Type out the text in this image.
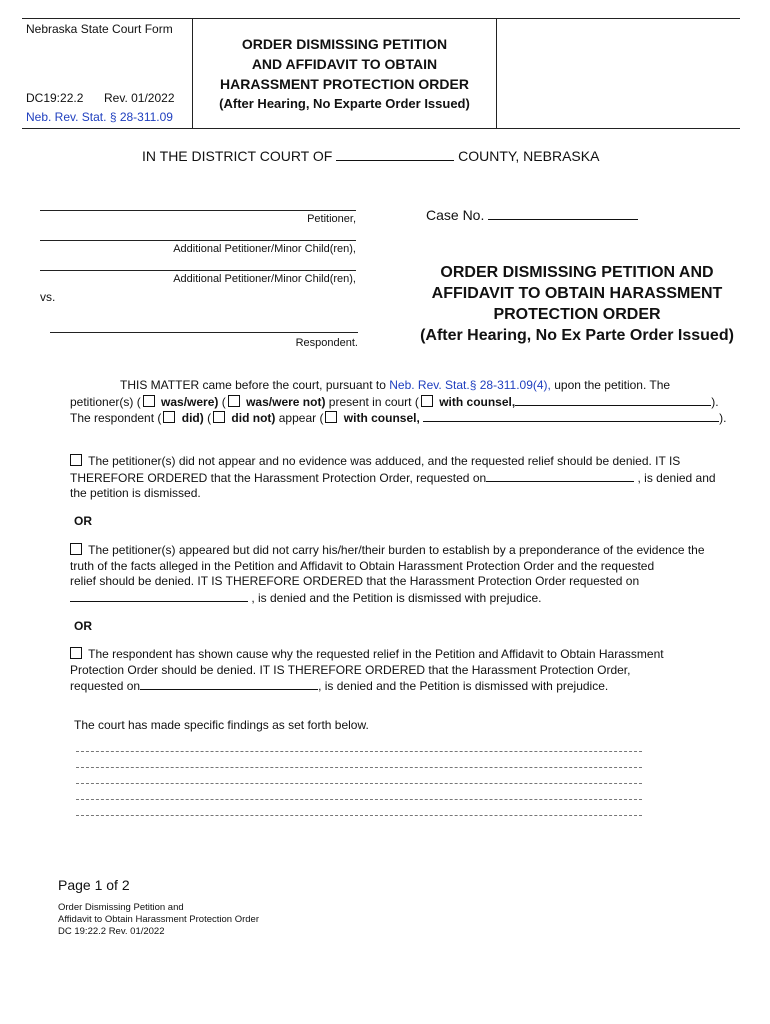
Nebraska State Court Form
DC19:22.2 Rev. 01/2022
Neb. Rev. Stat. § 28-311.09
ORDER DISMISSING PETITION
AND AFFIDAVIT TO OBTAIN
HARASSMENT PROTECTION ORDER
(After Hearing, No Exparte Order Issued)
IN THE DISTRICT COURT OF	COUNTY, NEBRASKA
Petitioner,
Additional Petitioner/Minor Child(ren),
Additional Petitioner/Minor Child(ren),
vs.
Respondent.
Case No.
ORDER DISMISSING PETITION AND
AFFIDAVIT TO OBTAIN HARASSMENT
PROTECTION ORDER
(After Hearing, No Ex Parte Order Issued)
THIS MATTER came before the court, pursuant to Neb. Rev. Stat.§ 28-311.09(4), upon the petition. The
petitioner(s) ( was/were) ( was/were not) present in court ( with counsel,	).
The respondent ( did) ( did not) appear ( with counsel,	).
The petitioner(s) did not appear and no evidence was adduced, and the requested relief should be denied. IT IS
THEREFORE ORDERED that the Harassment Protection Order, requested on	, is denied and
the petition is dismissed.
OR
The petitioner(s) appeared but did not carry his/her/their burden to establish by a preponderance of the evidence the
truth of the facts alleged in the Petition and Affidavit to Obtain Harassment Protection Order and the requested
relief should be denied. IT IS THEREFORE ORDERED that the Harassment Protection Order requested on
, is denied and the Petition is dismissed with prejudice.
OR
The respondent has shown cause why the requested relief in the Petition and Affidavit to Obtain Harassment
Protection Order should be denied. IT IS THEREFORE ORDERED that the Harassment Protection Order,
requested on	, is denied and the Petition is dismissed with prejudice.
The court has made specific findings as set forth below.
Page 1 of 2
Order Dismissing Petition and
Affidavit to Obtain Harassment Protection Order
DC 19:22.2 Rev. 01/2022
